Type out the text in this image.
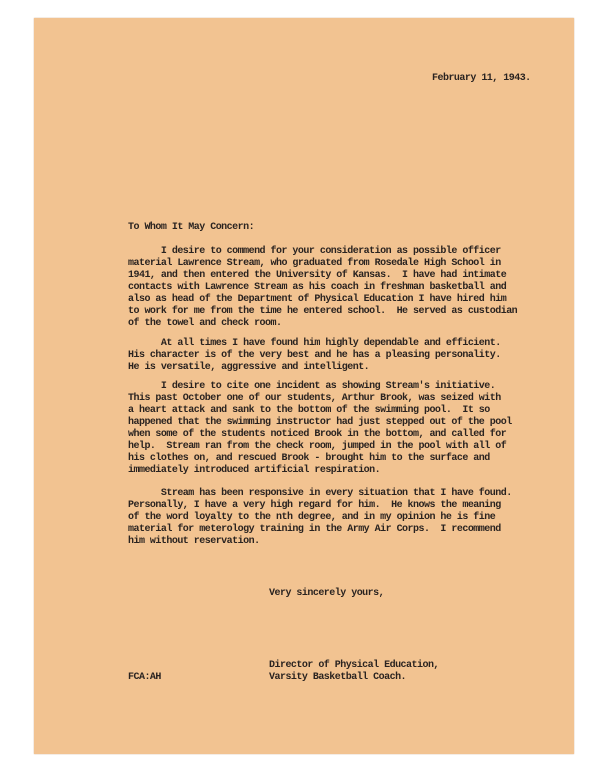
February 11, 1943.

To Whom It May Concern:

I desire to commend for your consideration as possible officer
material Lawrence Stream, who graduated from Rosedale High School in
1941, and then entered the University of Kansas.  I have had intimate
contacts with Lawrence Stream as his coach in freshman basketball and
also as head of the Department of Physical Education I have hired him
to work for me from the time he entered school.  He served as custodian
of the towel and check room.
At all times I have found him highly dependable and efficient.
His character is of the very best and he has a pleasing personality.
He is versatile, aggressive and intelligent.
I desire to cite one incident as showing Stream's initiative.
This past October one of our students, Arthur Brook, was seized with
a heart attack and sank to the bottom of the swimming pool.  It so
happened that the swimming instructor had just stepped out of the pool
when some of the students noticed Brook in the bottom, and called for
help.  Stream ran from the check room, jumped in the pool with all of
his clothes on, and rescued Brook - brought him to the surface and
immediately introduced artificial respiration.
Stream has been responsive in every situation that I have found.
Personally, I have a very high regard for him.  He knows the meaning
of the word loyalty to the nth degree, and in my opinion he is fine
material for meterology training in the Army Air Corps.  I recommend
him without reservation.

Very sincerely yours,

Director of Physical Education,

Varsity Basketball Coach.

FCA:AH
